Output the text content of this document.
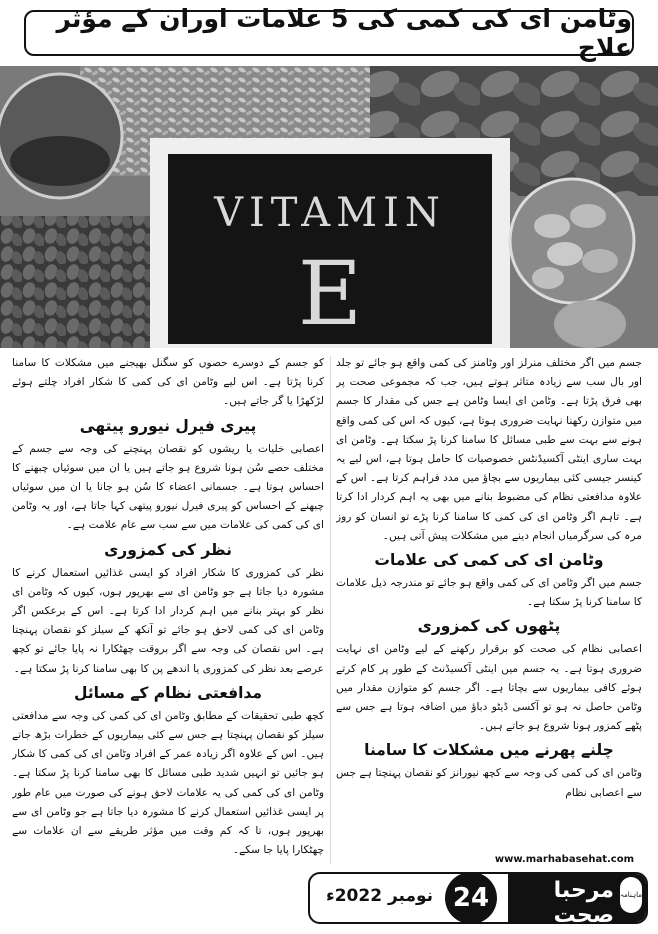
وٹامن ای کی کمی کی 5 علامات اوران کے مؤثر علاج
VITAMIN
E

جسم میں اگر مختلف منرلز اور وٹامنز کی کمی واقع ہو جائے تو جلد اور بال سب سے زیادہ متاثر ہوتے ہیں، جب کہ مجموعی صحت پر بھی فرق پڑتا ہے۔ وٹامن ای ایسا وٹامن ہے جس کی مقدار کا جسم میں متوازن رکھنا نہایت ضروری ہوتا ہے، کیوں کہ اس کی کمی واقع ہونے سے بہت سے طبی مسائل کا سامنا کرنا پڑ سکتا ہے۔ وٹامن ای بہت ساری اینٹی آکسیڈنٹس خصوصیات کا حامل ہوتا ہے، اس لیے یہ کینسر جیسی کئی بیماریوں سے بچاؤ میں مدد فراہم کرتا ہے۔ اس کے علاوہ مدافعتی نظام کی مضبوط بنانے میں بھی یہ اہم کردار ادا کرتا ہے۔ تاہم اگر وٹامن ای کی کمی کا سامنا کرنا پڑے تو انسان کو روز مرہ کی سرگرمیاں انجام دینے میں مشکلات پیش آتی ہیں۔

وٹامن ای کی کمی کی علامات

جسم میں اگر وٹامن ای کی کمی واقع ہو جائے تو مندرجہ ذیل علامات کا سامنا کرنا پڑ سکتا ہے۔

پٹھوں کی کمزوری

اعصابی نظام کی صحت کو برقرار رکھنے کے لیے وٹامن ای نہایت ضروری ہوتا ہے۔ یہ جسم میں اینٹی آکسیڈنٹ کے طور پر کام کرتے ہوئے کافی بیماریوں سے بچاتا ہے۔ اگر جسم کو متوازن مقدار میں وٹامن حاصل نہ ہو تو آکسی ڈیٹو دباؤ میں اضافہ ہوتا ہے جس سے پٹھے کمزور ہونا شروع ہو جاتے ہیں۔

چلنے پھرنے میں مشکلات کا سامنا

وٹامن ای کی کمی کی وجہ سے کچھ نیورانز کو نقصان پہنچتا ہے جس سے اعصابی نظام

کو جسم کے دوسرے حصوں کو سگنل بھیجنے میں مشکلات کا سامنا کرنا پڑتا ہے۔ اس لیے وٹامن ای کی کمی کا شکار افراد چلتے ہوئے لڑکھڑا یا گر جاتے ہیں۔

پیری فیرل نیورو پیتھی

اعصابی خلیات یا ریشوں کو نقصان پہنچنے کی وجہ سے جسم کے مختلف حصے سُن ہونا شروع ہو جاتے ہیں یا ان میں سوئیاں چبھنے کا احساس ہوتا ہے۔ جسمانی اعضاء کا سُن ہو جانا یا ان میں سوئیاں چبھنے کے احساس کو پیری فیرل نیورو پیتھی کہا جاتا ہے، اور یہ وٹامن ای کی کمی کی علامات میں سے سب سے عام علامت ہے۔

نظر کی کمزوری

نظر کی کمزوری کا شکار افراد کو ایسی غذائیں استعمال کرنے کا مشورہ دیا جاتا ہے جو وٹامن ای سے بھرپور ہوں، کیوں کہ وٹامن ای نظر کو بہتر بنانے میں اہم کردار ادا کرتا ہے۔ اس کے برعکس اگر وٹامن ای کی کمی لاحق ہو جائے تو آنکھ کے سیلز کو نقصان پہنچتا ہے۔ اس نقصان کی وجہ سے اگر بروقت چھٹکارا نہ پایا جائے تو کچھ عرصے بعد نظر کی کمزوری یا اندھے پن کا بھی سامنا کرنا پڑ سکتا ہے۔

مدافعتی نظام کے مسائل

کچھ طبی تحقیقات کے مطابق وٹامن ای کی کمی کی وجہ سے مدافعتی سیلز کو نقصان پہنچتا ہے جس سے کئی بیماریوں کے خطرات بڑھ جاتے ہیں۔ اس کے علاوہ اگر زیادہ عمر کے افراد وٹامن ای کی کمی کا شکار ہو جائیں تو انہیں شدید طبی مسائل کا بھی سامنا کرنا پڑ سکتا ہے۔ وٹامن ای کی کمی کی یہ علامات لاحق ہونے کی صورت میں عام طور پر ایسی غذائیں استعمال کرنے کا مشورہ دیا جاتا ہے جو وٹامن ای سے بھرپور ہوں، تا کہ کم وقت میں مؤثر طریقے سے ان علامات سے چھٹکارا پایا جا سکے۔

www.marhabasehat.com
نومبر 2022ء 24	ماہنامہ
مرحبا صحت
